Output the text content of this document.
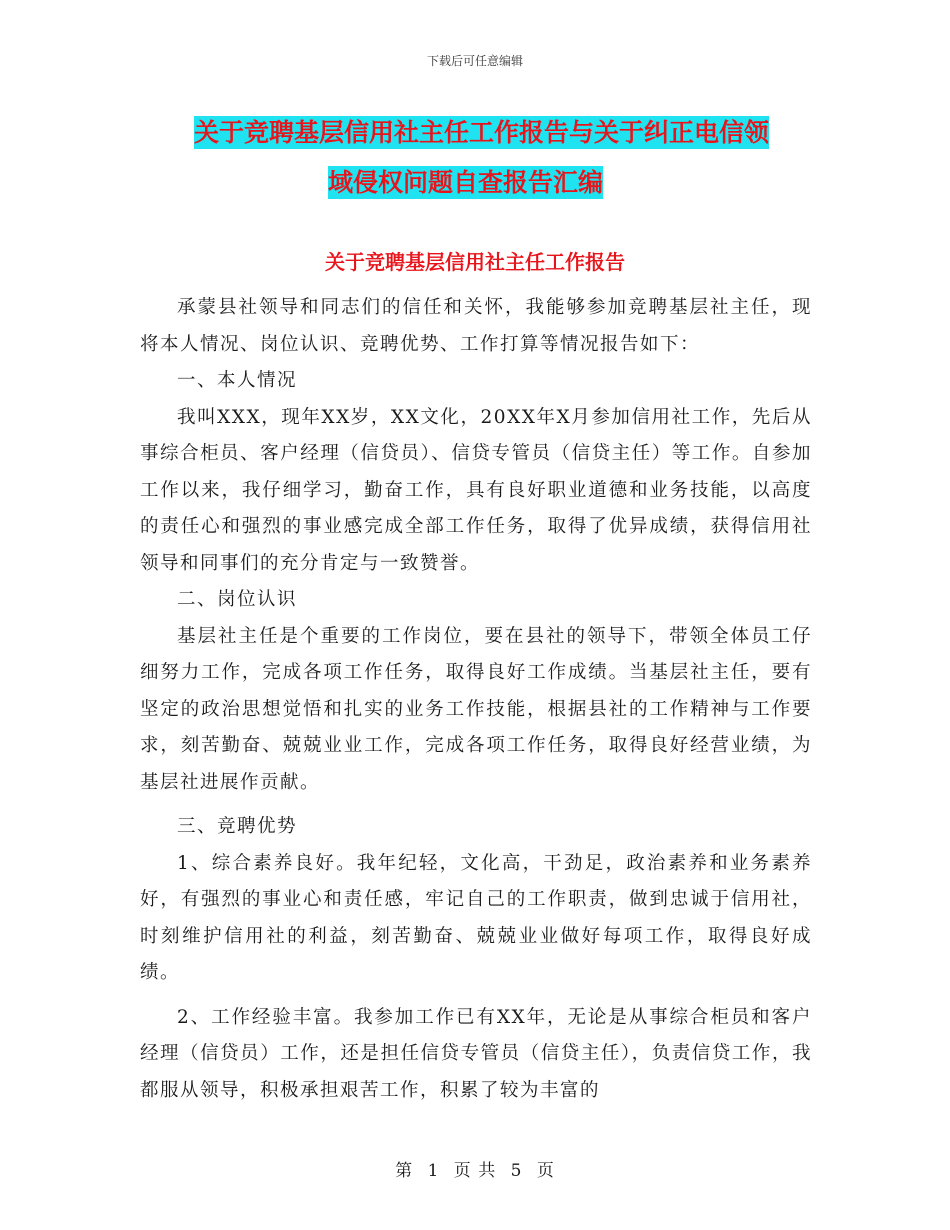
下载后可任意编辑
关于竞聘基层信用社主任工作报告与关于纠正电信领
域侵权问题自查报告汇编
关于竞聘基层信用社主任工作报告

承蒙县社领导和同志们的信任和关怀，我能够参加竞聘基层社主任，现将本人情况、岗位认识、竞聘优势、工作打算等情况报告如下：

一、本人情况

我叫XXX，现年XX岁，XX文化，20XX年X月参加信用社工作，先后从事综合柜员、客户经理（信贷员）、信贷专管员（信贷主任）等工作。自参加工作以来，我仔细学习，勤奋工作，具有良好职业道德和业务技能，以高度的责任心和强烈的事业感完成全部工作任务，取得了优异成绩，获得信用社领导和同事们的充分肯定与一致赞誉。

二、岗位认识

基层社主任是个重要的工作岗位，要在县社的领导下，带领全体员工仔细努力工作，完成各项工作任务，取得良好工作成绩。当基层社主任，要有坚定的政治思想觉悟和扎实的业务工作技能，根据县社的工作精神与工作要求，刻苦勤奋、兢兢业业工作，完成各项工作任务，取得良好经营业绩，为基层社进展作贡献。

三、竞聘优势

1、综合素养良好。我年纪轻，文化高，干劲足，政治素养和业务素养好，有强烈的事业心和责任感，牢记自己的工作职责，做到忠诚于信用社，时刻维护信用社的利益，刻苦勤奋、兢兢业业做好每项工作，取得良好成绩。

2、工作经验丰富。我参加工作已有XX年，无论是从事综合柜员和客户经理（信贷员）工作，还是担任信贷专管员（信贷主任），负责信贷工作，我都服从领导，积极承担艰苦工作，积累了较为丰富的

第 1 页 共 5 页
